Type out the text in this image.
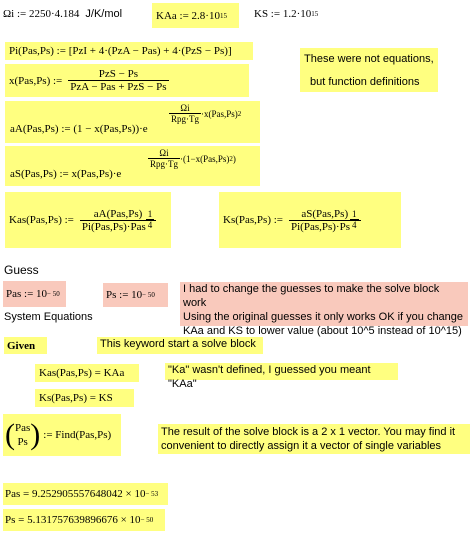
Ωi := 2250·4.184 J/K/mol	KAa := 2.8·10 15 KS := 1.2·10 15
Pi(Pas,Ps) := [PzI + 4·(PzA − Pas) + 4·(PzS − Ps)]
x(Pas,Ps) := $\frac{\text{PzS − Ps}}{\text{PzA − Pas + PzS − Ps}}$
These were not equations,
but function definitions
aA(Pas,Ps) := (1 − x(Pas,Ps))·e
$\frac{\Omega i}{\text{Rpg·Tg}} \cdot x(Pas,Ps)$ 2
aS(Pas,Ps) := x(Pas,Ps)·e
$\frac{\Omega i}{\text{Rpg·Tg}} \cdot(1-x(Pas,Ps)$ 2 )
Kas(Pas,Ps) := $\frac{\text{aA(Pas,Ps)}}{Pi(Pas,Ps)\cdot Pas \frac{1}{4}}$	Ks(Pas,Ps) := $\frac{\text{aS(Pas,Ps)}}{Pi(Pas,Ps)\cdot Ps \frac{1}{4}}$
Guess
Pas := 10 − 50	Ps := 10 − 50	I had to change the guesses to make the solve block work
Using the original guesses it only works OK if you change
KAa and KS to lower value (about 10^5 instead of 10^15)
System Equations
Given	This keyword start a solve block
Kas(Pas,Ps) = KAa	"Ka" wasn't defined, I guessed you meant "KAa"
Ks(Pas,Ps) = KS
( Pas
Ps ) := Find(Pas,Ps)	The result of the solve block is a 2 x 1 vector. You may find it
convenient to directly assign it a vector of single variables
Pas = 9.252905557648042 × 10 − 53
Ps = 5.131757639896676 × 10 − 50
